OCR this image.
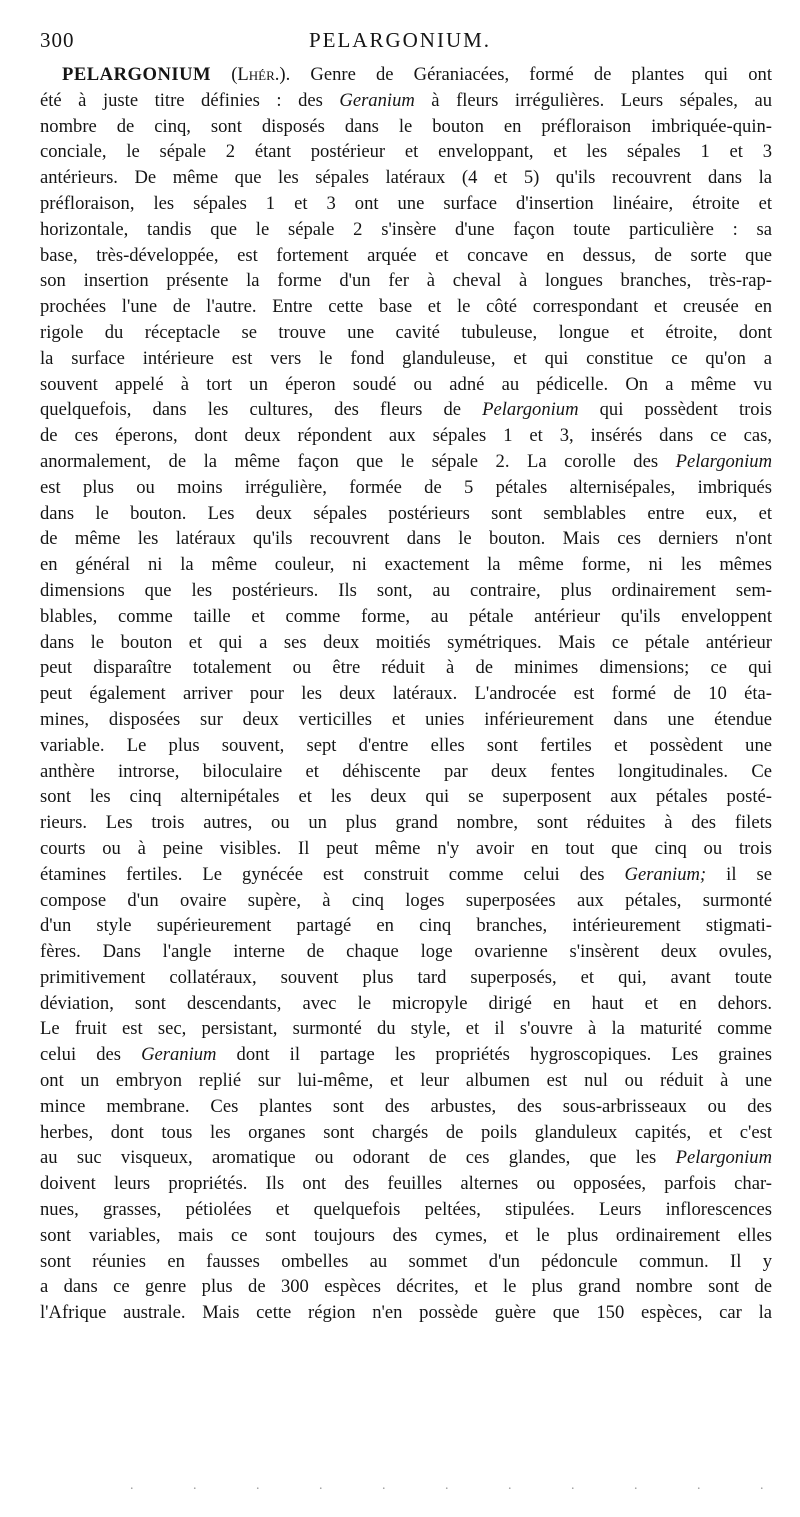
300	PELARGONIUM.
PELARGONIUM (Lhér.). Genre de Géraniacées, formé de plantes qui ont
été à juste titre définies : des Geranium à fleurs irrégulières. Leurs sépales, au
nombre de cinq, sont disposés dans le bouton en préfloraison imbriquée-quin-
conciale, le sépale 2 étant postérieur et enveloppant, et les sépales 1 et 3
antérieurs. De même que les sépales latéraux (4 et 5) qu'ils recouvrent dans la
préfloraison, les sépales 1 et 3 ont une surface d'insertion linéaire, étroite et
horizontale, tandis que le sépale 2 s'insère d'une façon toute particulière : sa
base, très-développée, est fortement arquée et concave en dessus, de sorte que
son insertion présente la forme d'un fer à cheval à longues branches, très-rap-
prochées l'une de l'autre. Entre cette base et le côté correspondant et creusée en
rigole du réceptacle se trouve une cavité tubuleuse, longue et étroite, dont
la surface intérieure est vers le fond glanduleuse, et qui constitue ce qu'on a
souvent appelé à tort un éperon soudé ou adné au pédicelle. On a même vu
quelquefois, dans les cultures, des fleurs de Pelargonium qui possèdent trois
de ces éperons, dont deux répondent aux sépales 1 et 3, insérés dans ce cas,
anormalement, de la même façon que le sépale 2. La corolle des Pelargonium
est plus ou moins irrégulière, formée de 5 pétales alternisépales, imbriqués
dans le bouton. Les deux sépales postérieurs sont semblables entre eux, et
de même les latéraux qu'ils recouvrent dans le bouton. Mais ces derniers n'ont
en général ni la même couleur, ni exactement la même forme, ni les mêmes
dimensions que les postérieurs. Ils sont, au contraire, plus ordinairement sem-
blables, comme taille et comme forme, au pétale antérieur qu'ils enveloppent
dans le bouton et qui a ses deux moitiés symétriques. Mais ce pétale antérieur
peut disparaître totalement ou être réduit à de minimes dimensions; ce qui
peut également arriver pour les deux latéraux. L'androcée est formé de 10 éta-
mines, disposées sur deux verticilles et unies inférieurement dans une étendue
variable. Le plus souvent, sept d'entre elles sont fertiles et possèdent une
anthère introrse, biloculaire et déhiscente par deux fentes longitudinales. Ce
sont les cinq alternipétales et les deux qui se superposent aux pétales posté-
rieurs. Les trois autres, ou un plus grand nombre, sont réduites à des filets
courts ou à peine visibles. Il peut même n'y avoir en tout que cinq ou trois
étamines fertiles. Le gynécée est construit comme celui des Geranium; il se
compose d'un ovaire supère, à cinq loges superposées aux pétales, surmonté
d'un style supérieurement partagé en cinq branches, intérieurement stigmati-
fères. Dans l'angle interne de chaque loge ovarienne s'insèrent deux ovules,
primitivement collatéraux, souvent plus tard superposés, et qui, avant toute
déviation, sont descendants, avec le micropyle dirigé en haut et en dehors.
Le fruit est sec, persistant, surmonté du style, et il s'ouvre à la maturité comme
celui des Geranium dont il partage les propriétés hygroscopiques. Les graines
ont un embryon replié sur lui-même, et leur albumen est nul ou réduit à une
mince membrane. Ces plantes sont des arbustes, des sous-arbrisseaux ou des
herbes, dont tous les organes sont chargés de poils glanduleux capités, et c'est
au suc visqueux, aromatique ou odorant de ces glandes, que les Pelargonium
doivent leurs propriétés. Ils ont des feuilles alternes ou opposées, parfois char-
nues, grasses, pétiolées et quelquefois peltées, stipulées. Leurs inflorescences
sont variables, mais ce sont toujours des cymes, et le plus ordinairement elles
sont réunies en fausses ombelles au sommet d'un pédoncule commun. Il y
a dans ce genre plus de 300 espèces décrites, et le plus grand nombre sont de
l'Afrique australe. Mais cette région n'en possède guère que 150 espèces, car la
. . . . . . . . . . .
